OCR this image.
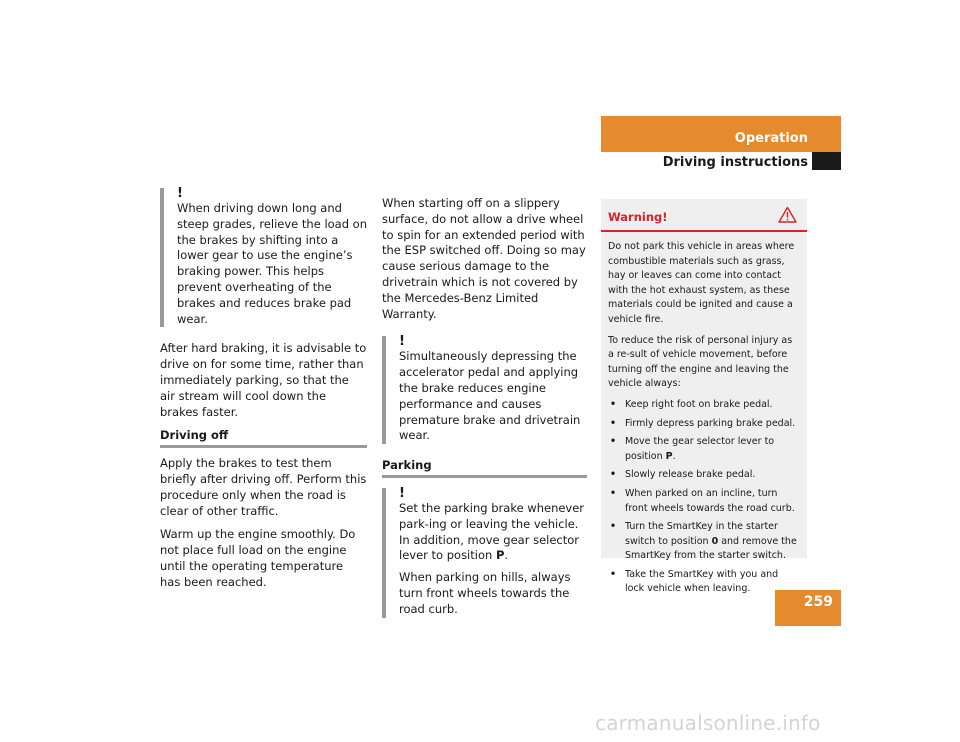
Operation
Driving instructions
!
When driving down long and steep grades, relieve the load on the brakes by shifting into a lower gear to use the engine’s braking power. This helps prevent overheating of the brakes and reduces brake pad wear.

After hard braking, it is advisable to drive on for some time, rather than immediately parking, so that the air stream will cool down the brakes faster.

Driving off

Apply the brakes to test them briefly after driving off. Perform this procedure only when the road is clear of other traffic.

Warm up the engine smoothly. Do not place full load on the engine until the operating temperature has been reached.

When starting off on a slippery surface, do not allow a drive wheel to spin for an extended period with the ESP switched off. Doing so may cause serious damage to the drivetrain which is not covered by the Mercedes-Benz Limited Warranty.

!
Simultaneously depressing the accelerator pedal and applying the brake reduces engine performance and causes premature brake and drivetrain wear.
Parking
!
Set the parking brake whenever park-ing or leaving the vehicle. In addition, move gear selector lever to position P.
When parking on hills, always turn front wheels towards the road curb.
Warning!

Do not park this vehicle in areas where combustible materials such as grass, hay or leaves can come into contact with the hot exhaust system, as these materials could be ignited and cause a vehicle fire.

To reduce the risk of personal injury as a re-sult of vehicle movement, before turning off the engine and leaving the vehicle always:

• Keep right foot on brake pedal.
• Firmly depress parking brake pedal.
• Move the gear selector lever to position P.
• Slowly release brake pedal.
• When parked on an incline, turn front wheels towards the road curb.
• Turn the SmartKey in the starter switch to position 0 and remove the SmartKey from the starter switch.
• Take the SmartKey with you and lock vehicle when leaving.
259
carmanualsonline.info
